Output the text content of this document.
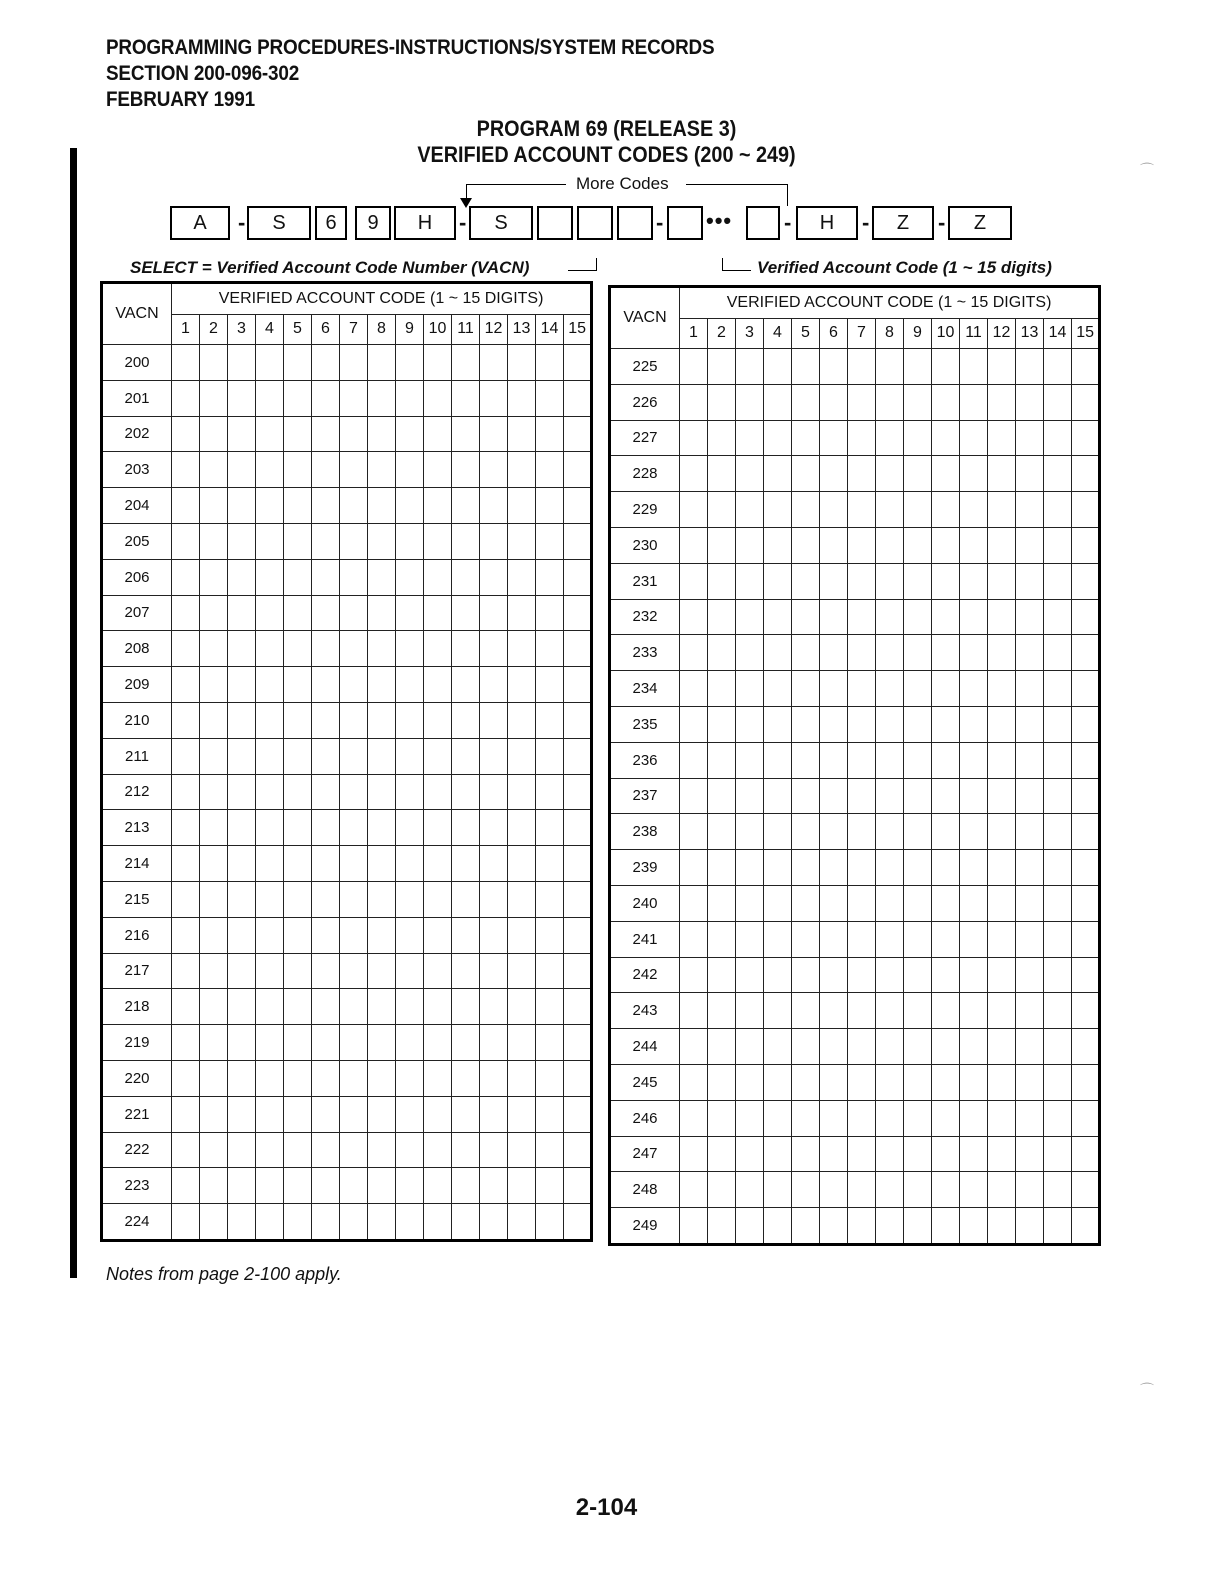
PROGRAMMING PROCEDURES-INSTRUCTIONS/SYSTEM RECORDS
SECTION 200-096-302
FEBRUARY 1991
PROGRAM 69 (RELEASE 3)
VERIFIED ACCOUNT CODES (200 ~ 249)
More Codes
A	-	S	6	9	H	-	S	- ••• -	H	-	Z	-	Z
SELECT = Verified Account Code Number (VACN)	Verified Account Code (1 ~ 15 digits)
VACN	VERIFIED ACCOUNT CODE (1 ~ 15 DIGITS)														
	1	2	3	4	5	6	7	8	9	10	11	12	13	14	15
200															
201															
202															
203															
204															
205															
206															
207															
208															
209															
210															
211															
212															
213															
214															
215															
216															
217															
218															
219															
220															
221															
222															
223															
224															
VACN	VERIFIED ACCOUNT CODE (1 ~ 15 DIGITS)														
	1	2	3	4	5	6	7	8	9	10	11	12	13	14	15
225															
226															
227															
228															
229															
230															
231															
232															
233															
234															
235															
236															
237															
238															
239															
240															
241															
242															
243															
244															
245															
246															
247															
248															
249															
Notes from page 2-100 apply.
2-104
⌒
⌒
